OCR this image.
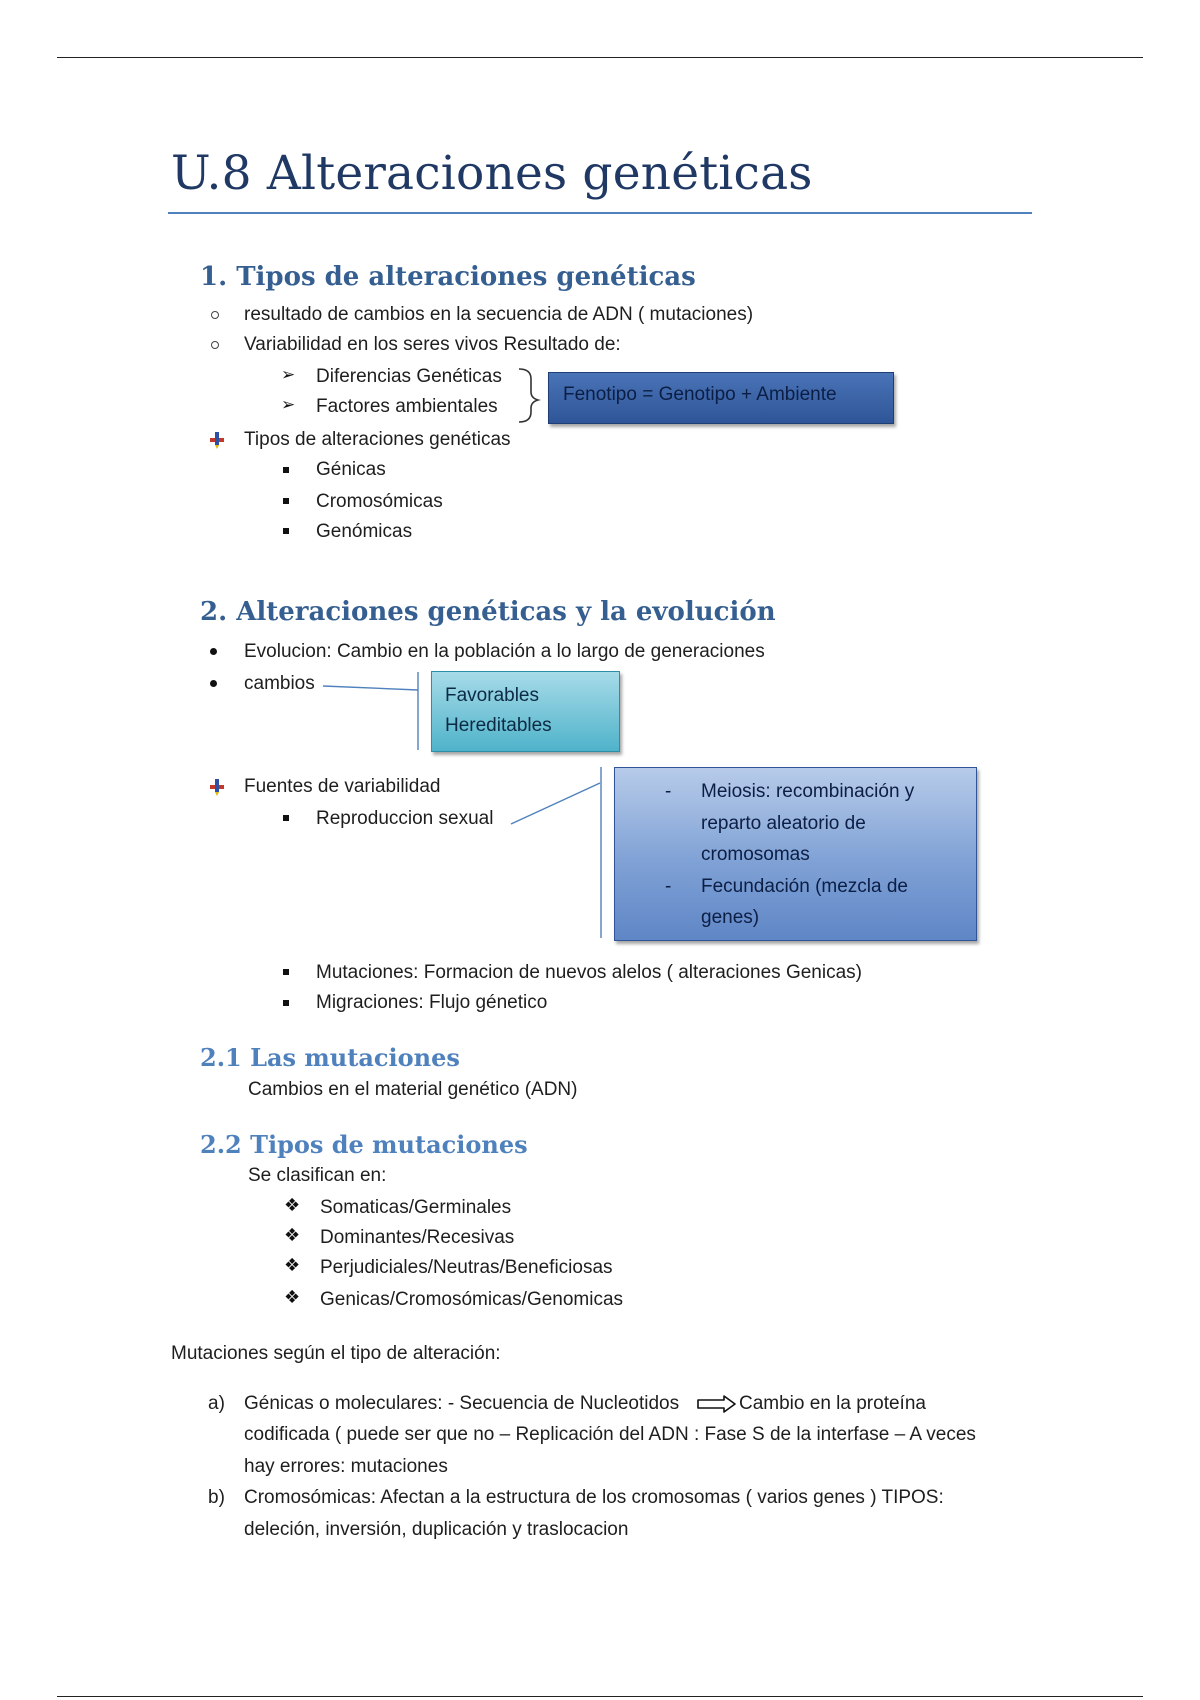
U.8 Alteraciones genéticas
1. Tipos de alteraciones genéticas
resultado de cambios en la secuencia de ADN ( mutaciones)
Variabilidad en los seres vivos Resultado de:
➢ Diferencias Genéticas
➢ Factores ambientales
Fenotipo = Genotipo + Ambiente
Tipos de alteraciones genéticas
Génicas
Cromosómicas
Genómicas
2. Alteraciones genéticas y la evolución
Evolucion: Cambio en la población a lo largo de generaciones
cambios
Favorables
Hereditables
Fuentes de variabilidad
Reproduccion sexual
- Meiosis: recombinación y
reparto aleatorio de
cromosomas
- Fecundación (mezcla de
genes)
Mutaciones: Formacion de nuevos alelos ( alteraciones Genicas)
Migraciones: Flujo génetico
2.1 Las mutaciones
Cambios en el material genético (ADN)
2.2 Tipos de mutaciones
Se clasifican en:
❖ Somaticas/Germinales
❖ Dominantes/Recesivas
❖ Perjudiciales/Neutras/Beneficiosas
❖ Genicas/Cromosómicas/Genomicas
Mutaciones según el tipo de alteración:
a) Génicas o moleculares: - Secuencia de Nucleotidos	Cambio en la proteína
codificada ( puede ser que no – Replicación del ADN : Fase S de la interfase – A veces
hay errores: mutaciones
b) Cromosómicas: Afectan a la estructura de los cromosomas ( varios genes ) TIPOS:
deleción, inversión, duplicación y traslocacion
